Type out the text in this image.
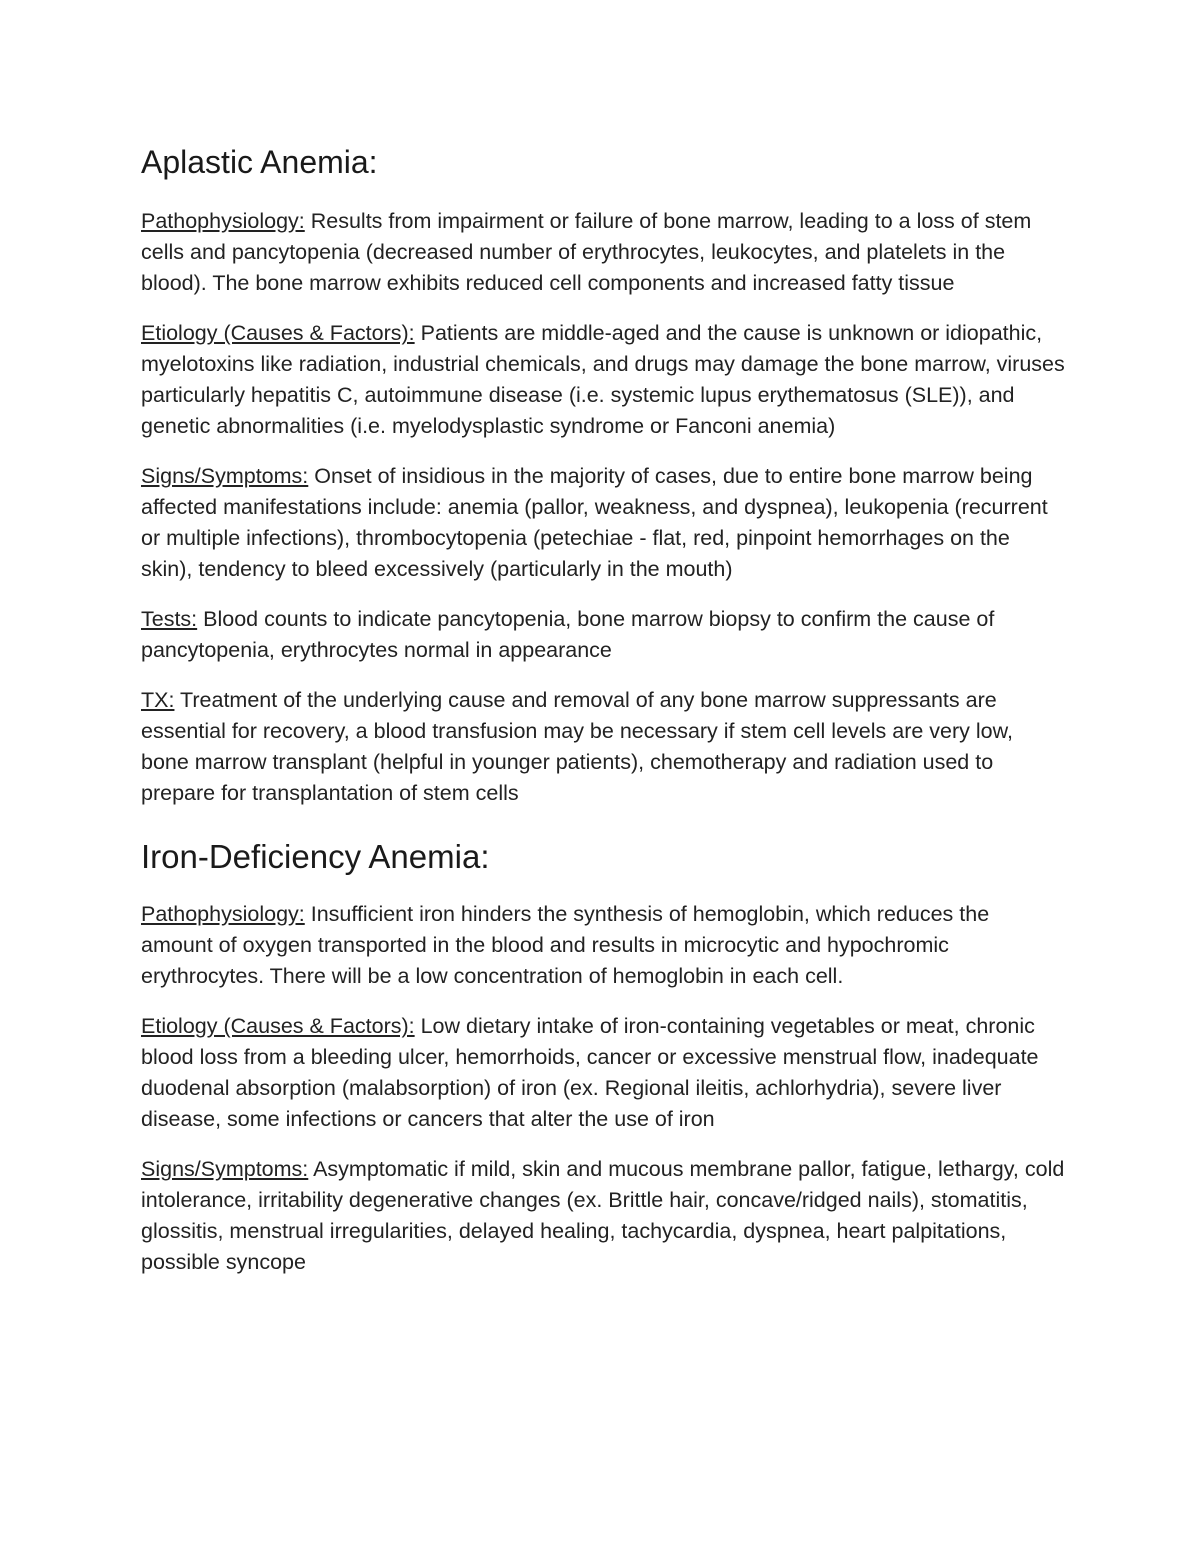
Aplastic Anemia:

Pathophysiology: Results from impairment or failure of bone marrow, leading to a loss of stem cells and pancytopenia (decreased number of erythrocytes, leukocytes, and platelets in the blood). The bone marrow exhibits reduced cell components and increased fatty tissue

Etiology (Causes & Factors): Patients are middle-aged and the cause is unknown or idiopathic, myelotoxins like radiation, industrial chemicals, and drugs may damage the bone marrow, viruses particularly hepatitis C, autoimmune disease (i.e. systemic lupus erythematosus (SLE)), and genetic abnormalities (i.e. myelodysplastic syndrome or Fanconi anemia)

Signs/Symptoms: Onset of insidious in the majority of cases, due to entire bone marrow being affected manifestations include: anemia (pallor, weakness, and dyspnea), leukopenia (recurrent or multiple infections), thrombocytopenia (petechiae - flat, red, pinpoint hemorrhages on the skin), tendency to bleed excessively (particularly in the mouth)

Tests: Blood counts to indicate pancytopenia, bone marrow biopsy to confirm the cause of pancytopenia, erythrocytes normal in appearance

TX: Treatment of the underlying cause and removal of any bone marrow suppressants are essential for recovery, a blood transfusion may be necessary if stem cell levels are very low, bone marrow transplant (helpful in younger patients), chemotherapy and radiation used to prepare for transplantation of stem cells

Iron-Deficiency Anemia:

Pathophysiology: Insufficient iron hinders the synthesis of hemoglobin, which reduces the amount of oxygen transported in the blood and results in microcytic and hypochromic erythrocytes. There will be a low concentration of hemoglobin in each cell.

Etiology (Causes & Factors): Low dietary intake of iron-containing vegetables or meat, chronic blood loss from a bleeding ulcer, hemorrhoids, cancer or excessive menstrual flow, inadequate duodenal absorption (malabsorption) of iron (ex. Regional ileitis, achlorhydria), severe liver disease, some infections or cancers that alter the use of iron

Signs/Symptoms: Asymptomatic if mild, skin and mucous membrane pallor, fatigue, lethargy, cold intolerance, irritability degenerative changes (ex. Brittle hair, concave/ridged nails), stomatitis, glossitis, menstrual irregularities, delayed healing, tachycardia, dyspnea, heart palpitations, possible syncope
